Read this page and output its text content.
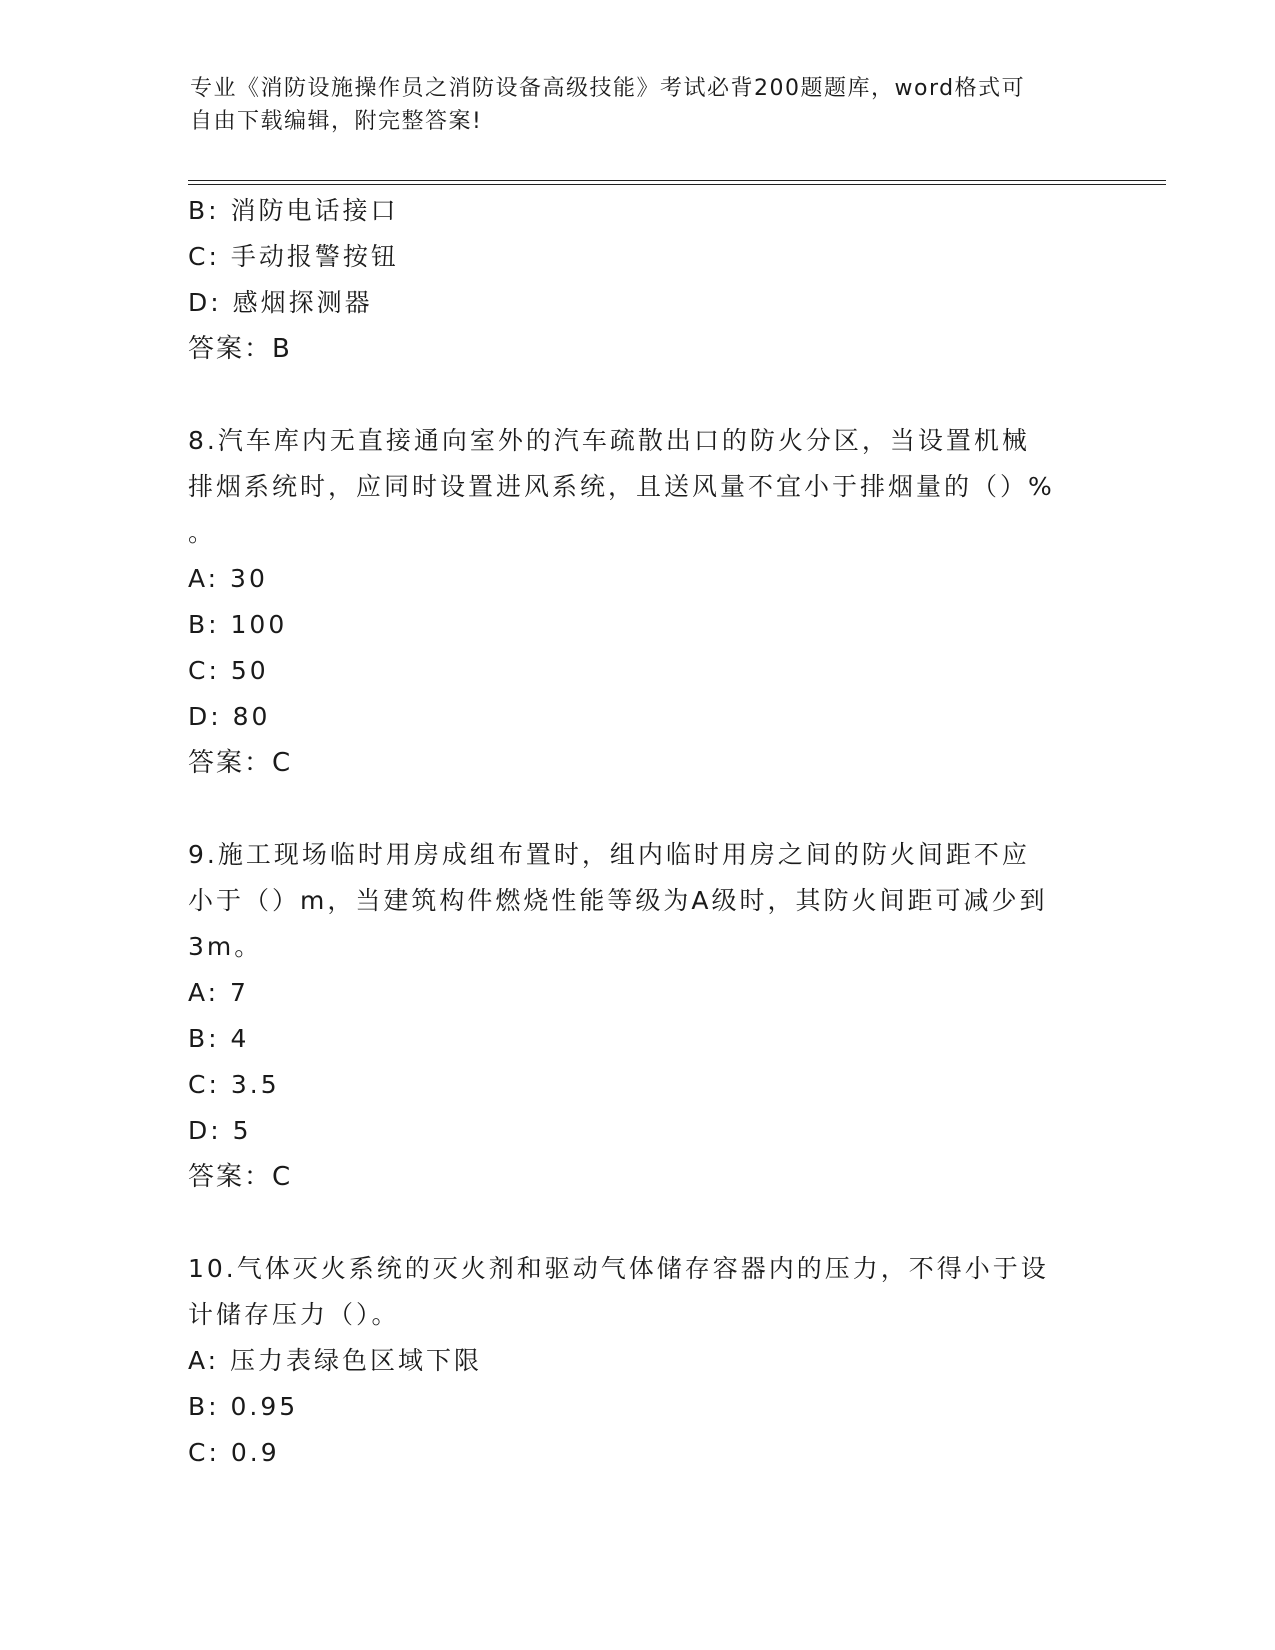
专业《消防设施操作员之消防设备高级技能》考试必背200题题库，word格式可
自由下载编辑，附完整答案!
B: 消防电话接口
C: 手动报警按钮
D: 感烟探测器
答案：B
8.汽车库内无直接通向室外的汽车疏散出口的防火分区，当设置机械
排烟系统时，应同时设置进风系统，且送风量不宜小于排烟量的（）%
。
A: 30
B: 100
C: 50
D: 80
答案：C
9.施工现场临时用房成组布置时，组内临时用房之间的防火间距不应
小于（）m，当建筑构件燃烧性能等级为A级时，其防火间距可减少到
3m。
A: 7
B: 4
C: 3.5
D: 5
答案：C
10.气体灭火系统的灭火剂和驱动气体储存容器内的压力，不得小于设
计储存压力（）。
A: 压力表绿色区域下限
B: 0.95
C: 0.9
